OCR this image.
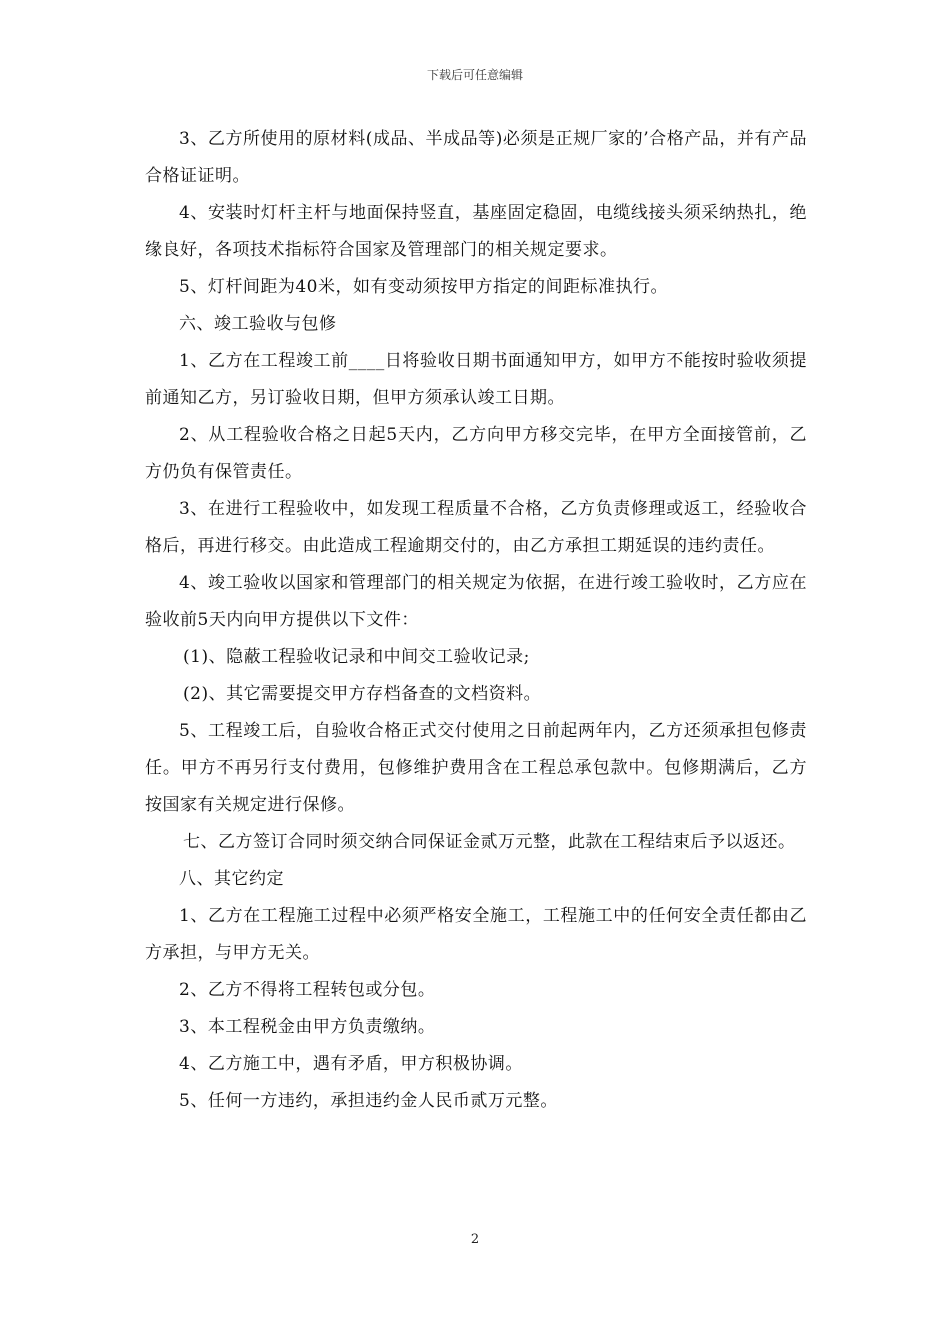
下载后可任意编辑

3、乙方所使用的原材料(成品、半成品等)必须是正规厂家的’合格产品，并有产品合格证证明。

4、安装时灯杆主杆与地面保持竖直，基座固定稳固，电缆线接头须采纳热扎，绝缘良好，各项技术指标符合国家及管理部门的相关规定要求。

5、灯杆间距为40米，如有变动须按甲方指定的间距标准执行。

六、竣工验收与包修

1、乙方在工程竣工前____日将验收日期书面通知甲方，如甲方不能按时验收须提前通知乙方，另订验收日期，但甲方须承认竣工日期。

2、从工程验收合格之日起5天内，乙方向甲方移交完毕，在甲方全面接管前，乙方仍负有保管责任。

3、在进行工程验收中，如发现工程质量不合格，乙方负责修理或返工，经验收合格后，再进行移交。由此造成工程逾期交付的，由乙方承担工期延误的违约责任。

4、竣工验收以国家和管理部门的相关规定为依据，在进行竣工验收时，乙方应在验收前5天内向甲方提供以下文件：

(1)、隐蔽工程验收记录和中间交工验收记录;

(2)、其它需要提交甲方存档备查的文档资料。

5、工程竣工后，自验收合格正式交付使用之日前起两年内，乙方还须承担包修责任。甲方不再另行支付费用，包修维护费用含在工程总承包款中。包修期满后，乙方按国家有关规定进行保修。

七、乙方签订合同时须交纳合同保证金贰万元整，此款在工程结束后予以返还。

八、其它约定

1、乙方在工程施工过程中必须严格安全施工，工程施工中的任何安全责任都由乙方承担，与甲方无关。

2、乙方不得将工程转包或分包。

3、本工程税金由甲方负责缴纳。

4、乙方施工中，遇有矛盾，甲方积极协调。

5、任何一方违约，承担违约金人民币贰万元整。

2
